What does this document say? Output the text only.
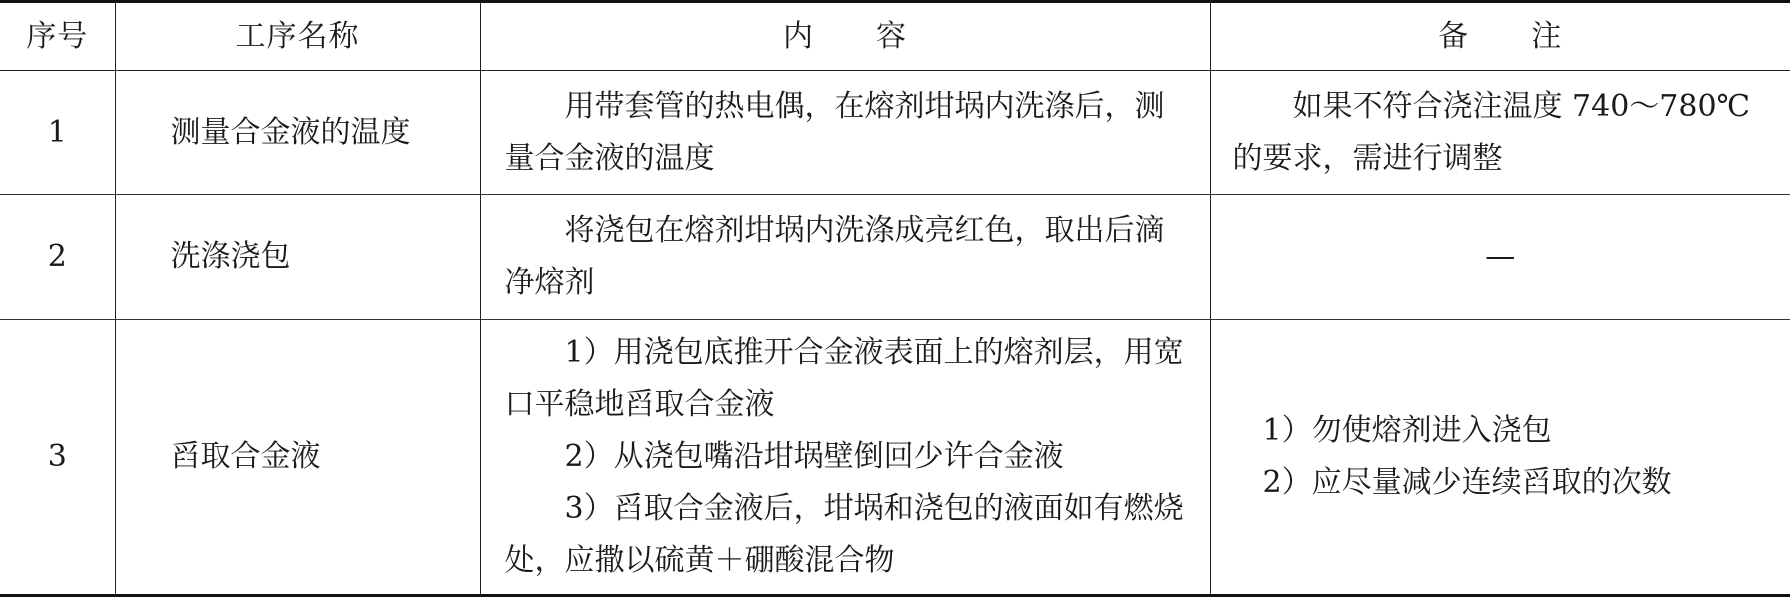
序号	工序名称	内　　容	备　　注
1	测量合金液的温度	用带套管的热电偶，在熔剂坩埚内洗涤后，测量合金液的温度	如果不符合浇注温度 740～780℃的要求，需进行调整

2	洗涤浇包	将浇包在熔剂坩埚内洗涤成亮红色，取出后滴净熔剂	—
3	舀取合金液	1）用浇包底推开合金液表面上的熔剂层，用宽口平稳地舀取合金液
2）从浇包嘴沿坩埚壁倒回少许合金液
3）舀取合金液后，坩埚和浇包的液面如有燃烧处，应撒以硫黄＋硼酸混合物	1）勿使熔剂进入浇包
2）应尽量减少连续舀取的次数
